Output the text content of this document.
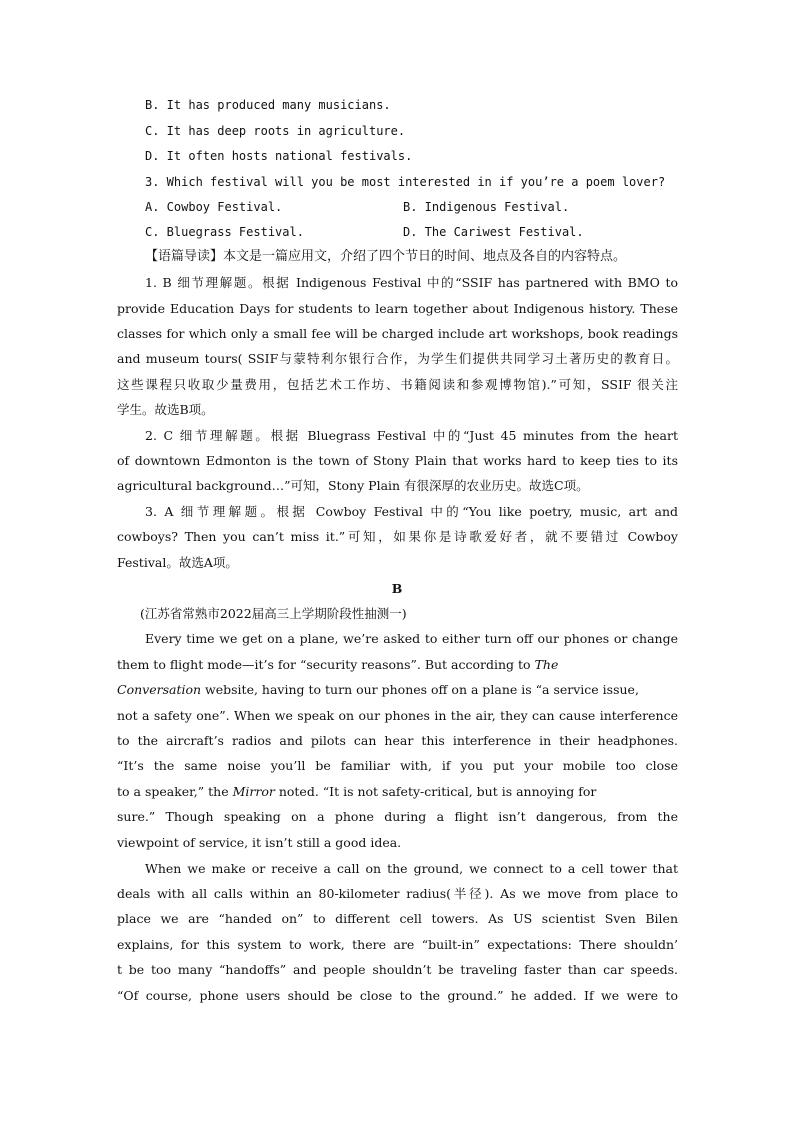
B. It has produced many musicians.
C. It has deep roots in agriculture.
D. It often hosts national festivals.
3. Which festival will you be most interested in if you’re a poem lover?
A. Cowboy Festival.	B. Indigenous Festival.
C. Bluegrass Festival.	D. The Cariwest Festival.
【语篇导读】本文是一篇应用文，介绍了四个节日的时间、地点及各自的内容特点。
1. B 细节理解题。根据 Indigenous Festival 中的“SSIF has partnered with BMO to
provide Education Days for students to learn together about Indigenous history. These
classes for which only a small fee will be charged include art workshops, book readings
and museum tours( SSIF与蒙特利尔银行合作，为学生们提供共同学习土著历史的教育日。
这些课程只收取少量费用，包括艺术工作坊、书籍阅读和参观博物馆).”可知，SSIF 很关注
学生。故选B项。
2. C 细节理解题。根据 Bluegrass Festival 中的“Just 45 minutes from the heart
of downtown Edmonton is the town of Stony Plain that works hard to keep ties to its
agricultural background…”可知，Stony Plain 有很深厚的农业历史。故选C项。
3. A 细节理解题。根据 Cowboy Festival 中的“You like poetry, music, art and
cowboys? Then you can’t miss it.”可知，如果你是诗歌爱好者，就不要错过 Cowboy
Festival。故选A项。
B
(江苏省常熟市2022届高三上学期阶段性抽测一)
Every time we get on a plane, we’re asked to either turn off our phones or change
them to flight mode—it’s for “security reasons”. But according to The
Conversation website, having to turn our phones off on a plane is “a service issue,
not a safety one”. When we speak on our phones in the air, they can cause interference
to the aircraft’s radios and pilots can hear this interference in their headphones.
“It’s the same noise you’ll be familiar with, if you put your mobile too close
to a speaker,” the Mirror noted. “It is not safety-critical, but is annoying for
sure.” Though speaking on a phone during a flight isn’t dangerous, from the
viewpoint of service, it isn’t still a good idea.
When we make or receive a call on the ground, we connect to a cell tower that
deals with all calls within an 80-kilometer radius(半径). As we move from place to
place we are “handed on” to different cell towers. As US scientist Sven Bilen
explains, for this system to work, there are “built-in” expectations: There shouldn’
t be too many “handoffs” and people shouldn’t be traveling faster than car speeds.
“Of course, phone users should be close to the ground.” he added. If we were to
